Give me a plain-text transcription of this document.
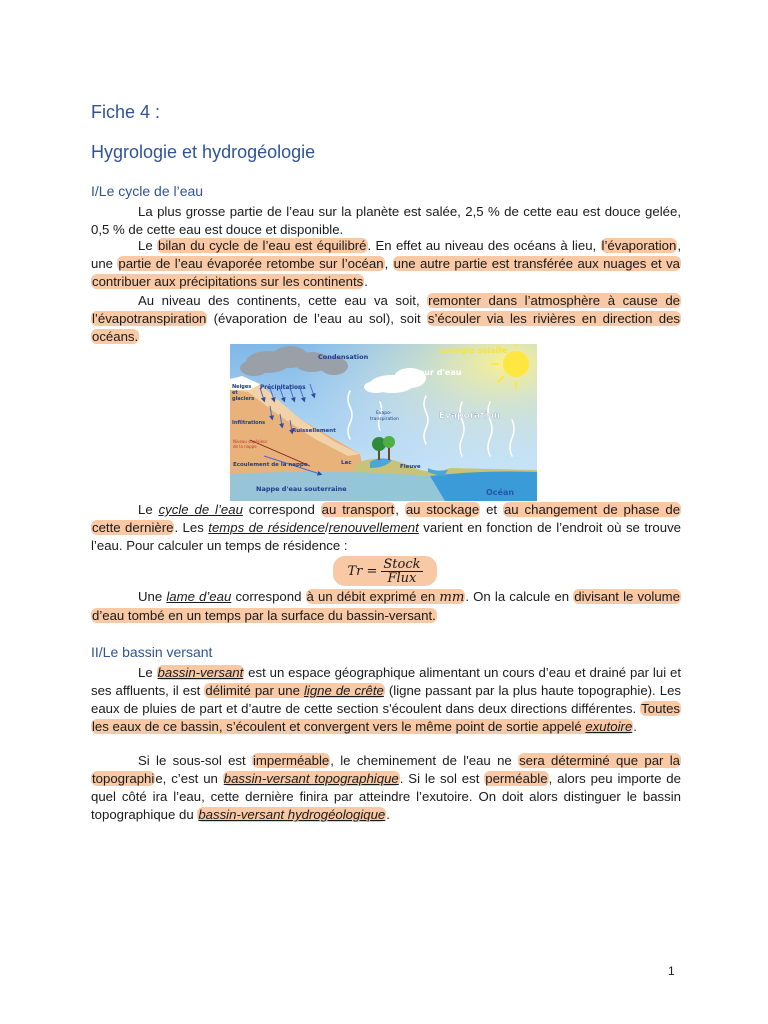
Fiche 4 :
Hygrologie et hydrogéologie
I/Le cycle de l’eau

La plus grosse partie de l’eau sur la planète est salée, 2,5 % de cette eau est douce gelée, 0,5 % de cette eau est douce et disponible.

Le bilan du cycle de l’eau est équilibré. En effet au niveau des océans à lieu, l’évaporation, une partie de l’eau évaporée retombe sur l’océan, une autre partie est transférée aux nuages et va contribuer aux précipitations sur les continents.

Au niveau des continents, cette eau va soit, remonter dans l’atmosphère à cause de l’évapotranspiration (évaporation de l’eau au sol), soit s’écouler via les rivières en direction des océans.

Condensation
Energie solaire
Vapeur d'eau
Précipitations
Neiges
et
glaciers
Evapo-
transpiration	Evaporation
Infiltrations
Ruissellement
Niveau supérieur
de la nappe
Ecoulement de la nappe	Lac
Fleuve
Nappe d'eau souterraine	Océan

Le cycle de l’eau correspond au transport, au stockage et au changement de phase de cette dernière. Les temps de résidence/renouvellement varient en fonction de l’endroit où se trouve l’eau. Pour calculer un temps de résidence :

$Tr = \frac{\text{Stock}}{\text{Flux}}$

Une lame d’eau correspond à un débit exprimé en mm. On la calcule en divisant le volume d’eau tombé en un temps par la surface du bassin-versant.

II/Le bassin versant

Le bassin-versant est un espace géographique alimentant un cours d’eau et drainé par lui et ses affluents, il est délimité par une ligne de crête (ligne passant par la plus haute topographie). Les eaux de pluies de part et d’autre de cette section s'écoulent dans deux directions différentes. Toutes les eaux de ce bassin, s’écoulent et convergent vers le même point de sortie appelé exutoire.

Si le sous-sol est imperméable, le cheminement de l'eau ne sera déterminé que par la topographie, c’est un bassin-versant topographique. Si le sol est perméable, alors peu importe de quel côté ira l’eau, cette dernière finira par atteindre l’exutoire. On doit alors distinguer le bassin topographique du bassin-versant hydrogéologique.

1
